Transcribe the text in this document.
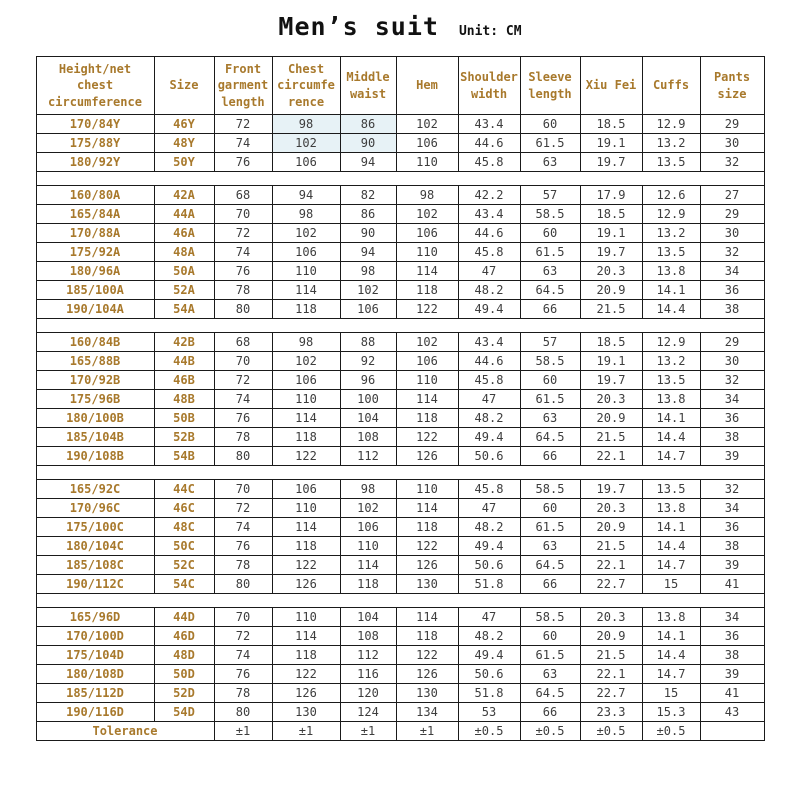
Men’s suit Unit: CM
Height/net chest circumference	Size	Front garment length	Chest circumfe rence	Middle waist	Hem	Shoulder width	Sleeve length	Xiu Fei	Cuffs	Pants size
170/84Y	46Y	72	98	86	102	43.4	60	18.5	12.9	29
175/88Y	48Y	74	102	90	106	44.6	61.5	19.1	13.2	30
180/92Y	50Y	76	106	94	110	45.8	63	19.7	13.5	32

160/80A	42A	68	94	82	98	42.2	57	17.9	12.6	27
165/84A	44A	70	98	86	102	43.4	58.5	18.5	12.9	29
170/88A	46A	72	102	90	106	44.6	60	19.1	13.2	30
175/92A	48A	74	106	94	110	45.8	61.5	19.7	13.5	32
180/96A	50A	76	110	98	114	47	63	20.3	13.8	34
185/100A	52A	78	114	102	118	48.2	64.5	20.9	14.1	36
190/104A	54A	80	118	106	122	49.4	66	21.5	14.4	38

160/84B	42B	68	98	88	102	43.4	57	18.5	12.9	29
165/88B	44B	70	102	92	106	44.6	58.5	19.1	13.2	30
170/92B	46B	72	106	96	110	45.8	60	19.7	13.5	32
175/96B	48B	74	110	100	114	47	61.5	20.3	13.8	34
180/100B	50B	76	114	104	118	48.2	63	20.9	14.1	36
185/104B	52B	78	118	108	122	49.4	64.5	21.5	14.4	38
190/108B	54B	80	122	112	126	50.6	66	22.1	14.7	39

165/92C	44C	70	106	98	110	45.8	58.5	19.7	13.5	32
170/96C	46C	72	110	102	114	47	60	20.3	13.8	34
175/100C	48C	74	114	106	118	48.2	61.5	20.9	14.1	36
180/104C	50C	76	118	110	122	49.4	63	21.5	14.4	38
185/108C	52C	78	122	114	126	50.6	64.5	22.1	14.7	39
190/112C	54C	80	126	118	130	51.8	66	22.7	15	41

165/96D	44D	70	110	104	114	47	58.5	20.3	13.8	34
170/100D	46D	72	114	108	118	48.2	60	20.9	14.1	36
175/104D	48D	74	118	112	122	49.4	61.5	21.5	14.4	38
180/108D	50D	76	122	116	126	50.6	63	22.1	14.7	39
185/112D	52D	78	126	120	130	51.8	64.5	22.7	15	41
190/116D	54D	80	130	124	134	53	66	23.3	15.3	43
Tolerance		±1	±1	±1	±1	±0.5	±0.5	±0.5	±0.5	
